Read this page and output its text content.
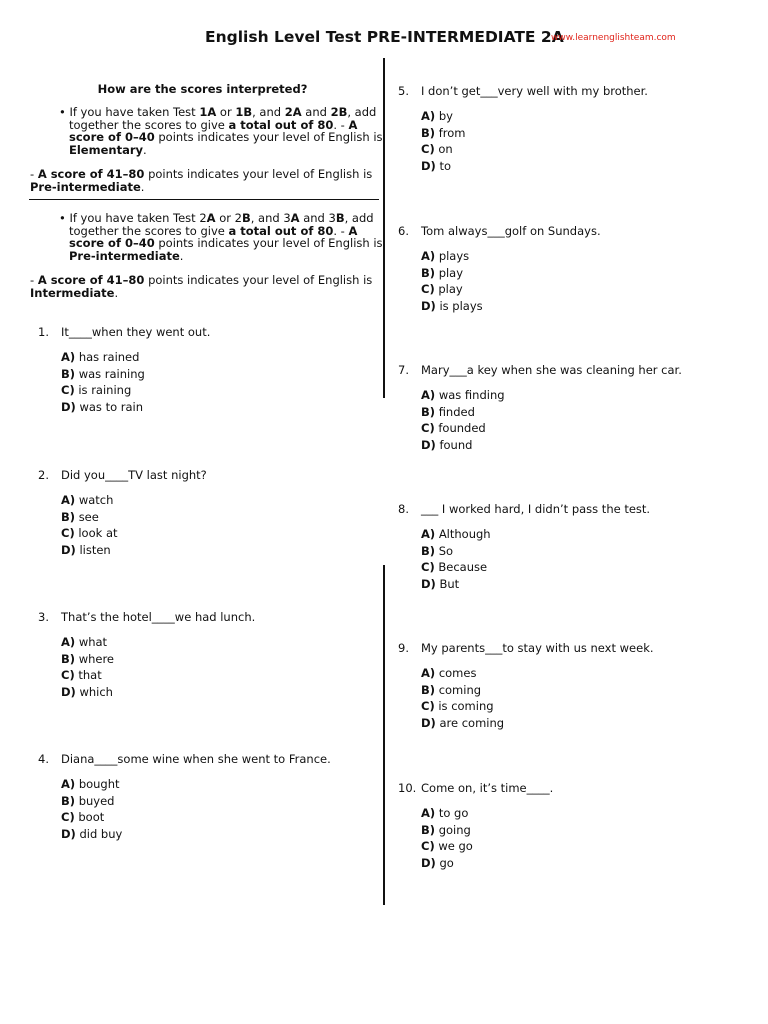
English Level Test PRE-INTERMEDIATE 2A
www.learnenglishteam.com
How are the scores interpreted?
• If you have taken Test 1A or 1B, and 2A and 2B, add together the scores to give a total out of 80. - A score of 0–40 points indicates your level of English is Elementary.
- A score of 41–80 points indicates your level of English is Pre-intermediate.
• If you have taken Test 2A or 2B, and 3A and 3B, add together the scores to give a total out of 80. - A score of 0–40 points indicates your level of English is Pre-intermediate.
- A score of 41–80 points indicates your level of English is Intermediate.
1. It____when they went out.
A) has rained
B) was raining
C) is raining
D) was to rain
2. Did you____TV last night?
A) watch
B) see
C) look at
D) listen
3. That’s the hotel____we had lunch.
A) what
B) where
C) that
D) which
4. Diana____some wine when she went to France.
A) bought
B) buyed
C) boot
D) did buy
5. I don’t get___very well with my brother.
A) by
B) from
C) on
D) to
6. Tom always___golf on Sundays.
A) plays
B) play
C) play
D) is plays
7. Mary___a key when she was cleaning her car.
A) was finding
B) finded
C) founded
D) found
8. ___ I worked hard, I didn’t pass the test.
A) Although
B) So
C) Because
D) But
9. My parents___to stay with us next week.
A) comes
B) coming
C) is coming
D) are coming
10. Come on, it’s time____.
A) to go
B) going
C) we go
D) go
